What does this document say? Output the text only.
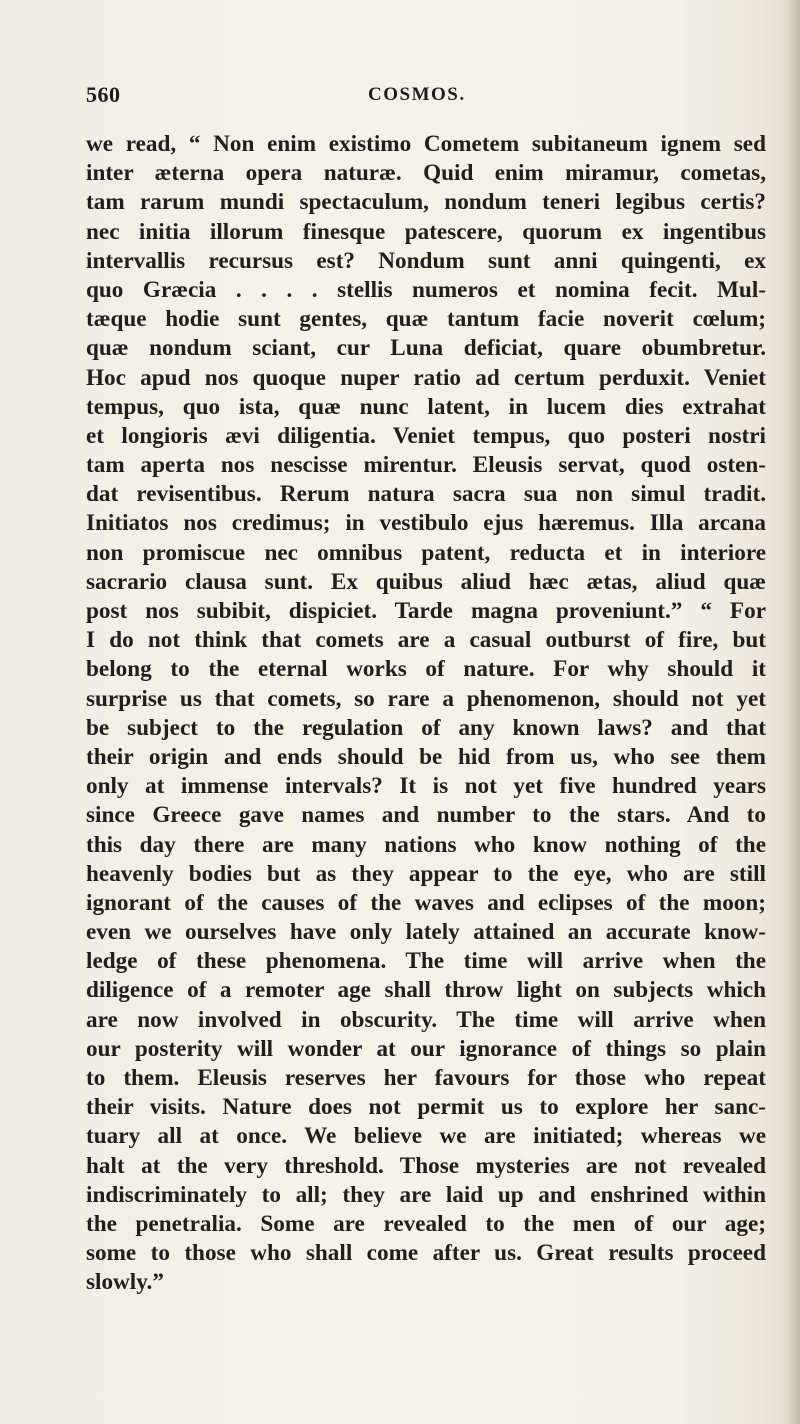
560	COSMOS.
we read, “ Non enim existimo Cometem subitaneum ignem sed
inter æterna opera naturæ. Quid enim miramur, cometas,
tam rarum mundi spectaculum, nondum teneri legibus certis?
nec initia illorum finesque patescere, quorum ex ingentibus
intervallis recursus est? Nondum sunt anni quingenti, ex
quo Græcia . . . . stellis numeros et nomina fecit. Mul-
tæque hodie sunt gentes, quæ tantum facie noverit cœlum;
quæ nondum sciant, cur Luna deficiat, quare obumbretur.
Hoc apud nos quoque nuper ratio ad certum perduxit. Veniet
tempus, quo ista, quæ nunc latent, in lucem dies extrahat
et longioris ævi diligentia. Veniet tempus, quo posteri nostri
tam aperta nos nescisse mirentur. Eleusis servat, quod osten-
dat revisentibus. Rerum natura sacra sua non simul tradit.
Initiatos nos credimus; in vestibulo ejus hæremus. Illa arcana
non promiscue nec omnibus patent, reducta et in interiore
sacrario clausa sunt. Ex quibus aliud hæc ætas, aliud quæ
post nos subibit, dispiciet. Tarde magna proveniunt.” “ For
I do not think that comets are a casual outburst of fire, but
belong to the eternal works of nature. For why should it
surprise us that comets, so rare a phenomenon, should not yet
be subject to the regulation of any known laws? and that
their origin and ends should be hid from us, who see them
only at immense intervals? It is not yet five hundred years
since Greece gave names and number to the stars. And to
this day there are many nations who know nothing of the
heavenly bodies but as they appear to the eye, who are still
ignorant of the causes of the waves and eclipses of the moon;
even we ourselves have only lately attained an accurate know-
ledge of these phenomena. The time will arrive when the
diligence of a remoter age shall throw light on subjects which
are now involved in obscurity. The time will arrive when
our posterity will wonder at our ignorance of things so plain
to them. Eleusis reserves her favours for those who repeat
their visits. Nature does not permit us to explore her sanc-
tuary all at once. We believe we are initiated; whereas we
halt at the very threshold. Those mysteries are not revealed
indiscriminately to all; they are laid up and enshrined within
the penetralia. Some are revealed to the men of our age;
some to those who shall come after us. Great results proceed
slowly.”
